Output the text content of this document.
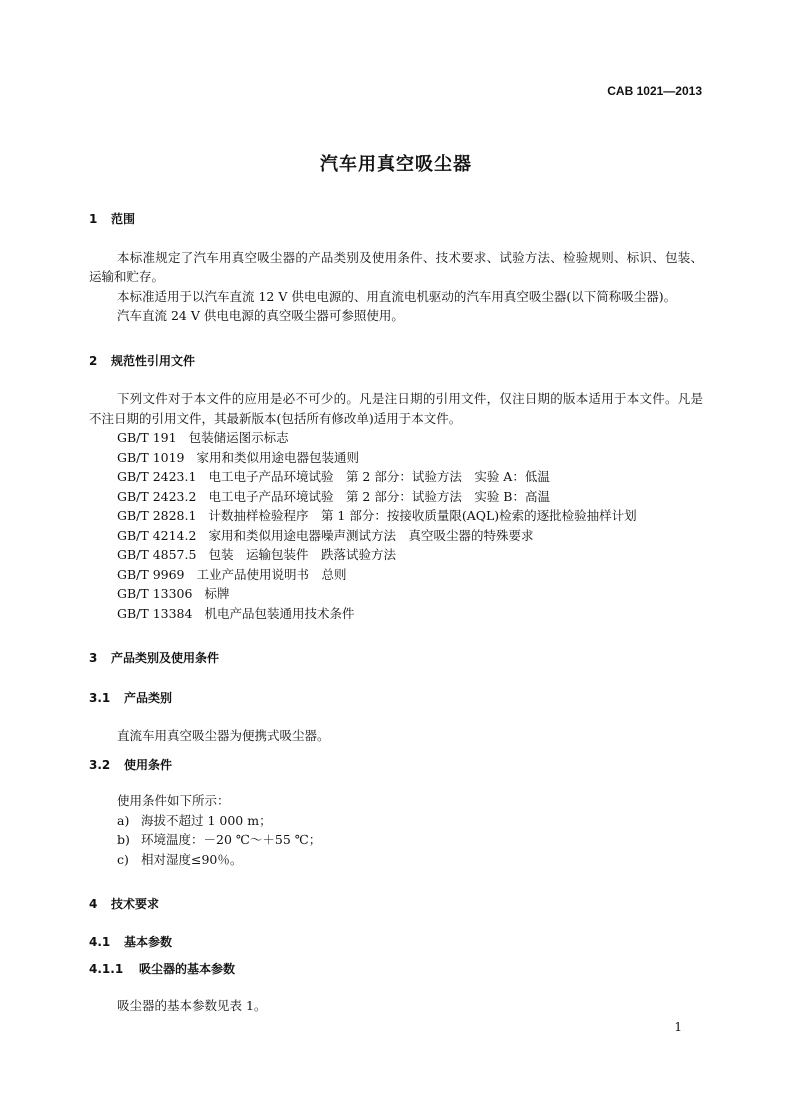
CAB 1021—2013
汽车用真空吸尘器
1 范围

本标准规定了汽车用真空吸尘器的产品类别及使用条件、技术要求、试验方法、检验规则、标识、包装、运输和贮存。

本标准适用于以汽车直流 12 V 供电电源的、用直流电机驱动的汽车用真空吸尘器(以下简称吸尘器)。

汽车直流 24 V 供电电源的真空吸尘器可参照使用。

2 规范性引用文件

下列文件对于本文件的应用是必不可少的。凡是注日期的引用文件，仅注日期的版本适用于本文件。凡是不注日期的引用文件，其最新版本(包括所有修改单)适用于本文件。

GB/T 191 包装储运图示标志
GB/T 1019 家用和类似用途电器包装通则
GB/T 2423.1 电工电子产品环境试验　第 2 部分：试验方法　实验 A：低温
GB/T 2423.2 电工电子产品环境试验　第 2 部分：试验方法　实验 B：高温
GB/T 2828.1 计数抽样检验程序　第 1 部分：按接收质量限(AQL)检索的逐批检验抽样计划
GB/T 4214.2 家用和类似用途电器噪声测试方法　真空吸尘器的特殊要求
GB/T 4857.5 包装　运输包装件　跌落试验方法
GB/T 9969 工业产品使用说明书　总则
GB/T 13306 标牌
GB/T 13384 机电产品包装通用技术条件
3 产品类别及使用条件
3.1 产品类别

直流车用真空吸尘器为便携式吸尘器。

3.2 使用条件

使用条件如下所示：

a) 海拔不超过 1 000 m；
b) 环境温度：－20 ℃～＋55 ℃；
c) 相对湿度≤90％。
4 技术要求
4.1 基本参数
4.1.1 吸尘器的基本参数

吸尘器的基本参数见表 1。

1
